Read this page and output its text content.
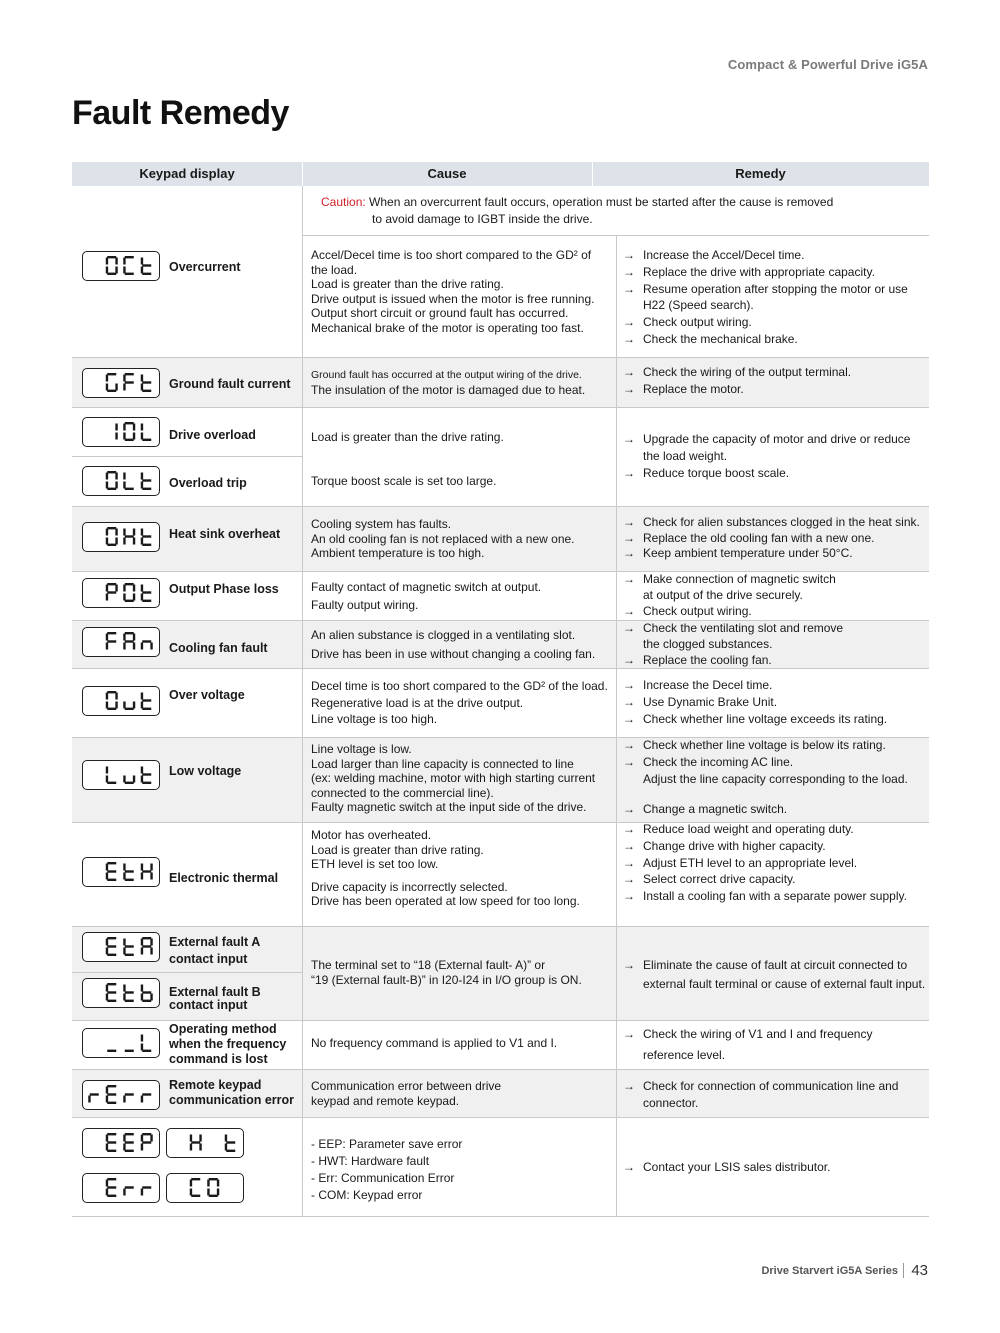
Compact & Powerful Drive iG5A
Fault Remedy
Keypad display	Cause	Remedy
Caution: When an overcurrent fault occurs, operation must be started after the cause is removed
to avoid damage to IGBT inside the drive.
Overcurrent
Ground fault current
Drive overload
Overload trip
Heat sink overheat
Output Phase loss
Cooling fan fault
Over voltage
Low voltage
Electronic thermal
External fault A
contact input
External fault B
contact input
Operating method
when the frequency
command is lost
Remote keypad
communication error
Accel/Decel time is too short compared to the GD² of
the load.
Load is greater than the drive rating.
Drive output is issued when the motor is free running.
Output short circuit or ground fault has occurred.
Mechanical brake of the motor is operating too fast.
Ground fault has occurred at the output wiring of the drive.
The insulation of the motor is damaged due to heat.
Load is greater than the drive rating.
Torque boost scale is set too large.
Cooling system has faults.
An old cooling fan is not replaced with a new one.
Ambient temperature is too high.
Faulty contact of magnetic switch at output.
Faulty output wiring.
An alien substance is clogged in a ventilating slot.
Drive has been in use without changing a cooling fan.
Decel time is too short compared to the GD² of the load.
Regenerative load is at the drive output.
Line voltage is too high.
Line voltage is low.
Load larger than line capacity is connected to line
(ex: welding machine, motor with high starting current
connected to the commercial line).
Faulty magnetic switch at the input side of the drive.
Motor has overheated.
Load is greater than drive rating.
ETH level is set too low.
Drive capacity is incorrectly selected.
Drive has been operated at low speed for too long.
The terminal set to “18 (External fault- A)” or
“19 (External fault-B)” in I20-I24 in I/O group is ON.
No frequency command is applied to V1 and I.
Communication error between drive
keypad and remote keypad.
- EEP: Parameter save error
- HWT: Hardware fault
- Err: Communication Error
- COM: Keypad error
→ Increase the Accel/Decel time.
→ Replace the drive with appropriate capacity.
→ Resume operation after stopping the motor or use
H22 (Speed search).
→ Check output wiring.
→ Check the mechanical brake.
→ Check the wiring of the output terminal.
→ Replace the motor.
→ Upgrade the capacity of motor and drive or reduce
the load weight.
→ Reduce torque boost scale.
→ Check for alien substances clogged in the heat sink.
→ Replace the old cooling fan with a new one.
→ Keep ambient temperature under 50°C.
→ Make connection of magnetic switch
at output of the drive securely.
→ Check output wiring.
→ Check the ventilating slot and remove
the clogged substances.
→ Replace the cooling fan.
→ Increase the Decel time.
→ Use Dynamic Brake Unit.
→ Check whether line voltage exceeds its rating.
→ Check whether line voltage is below its rating.
→ Check the incoming AC line.
Adjust the line capacity corresponding to the load.
→ Change a magnetic switch.
→ Reduce load weight and operating duty.
→ Change drive with higher capacity.
→ Adjust ETH level to an appropriate level.
→ Select correct drive capacity.
→ Install a cooling fan with a separate power supply.
→ Eliminate the cause of fault at circuit connected to
external fault terminal or cause of external fault input.
→ Check the wiring of V1 and I and frequency
reference level.
→ Check for connection of communication line and
connector.
→ Contact your LSIS sales distributor.
Drive Starvert iG5A Series 43
